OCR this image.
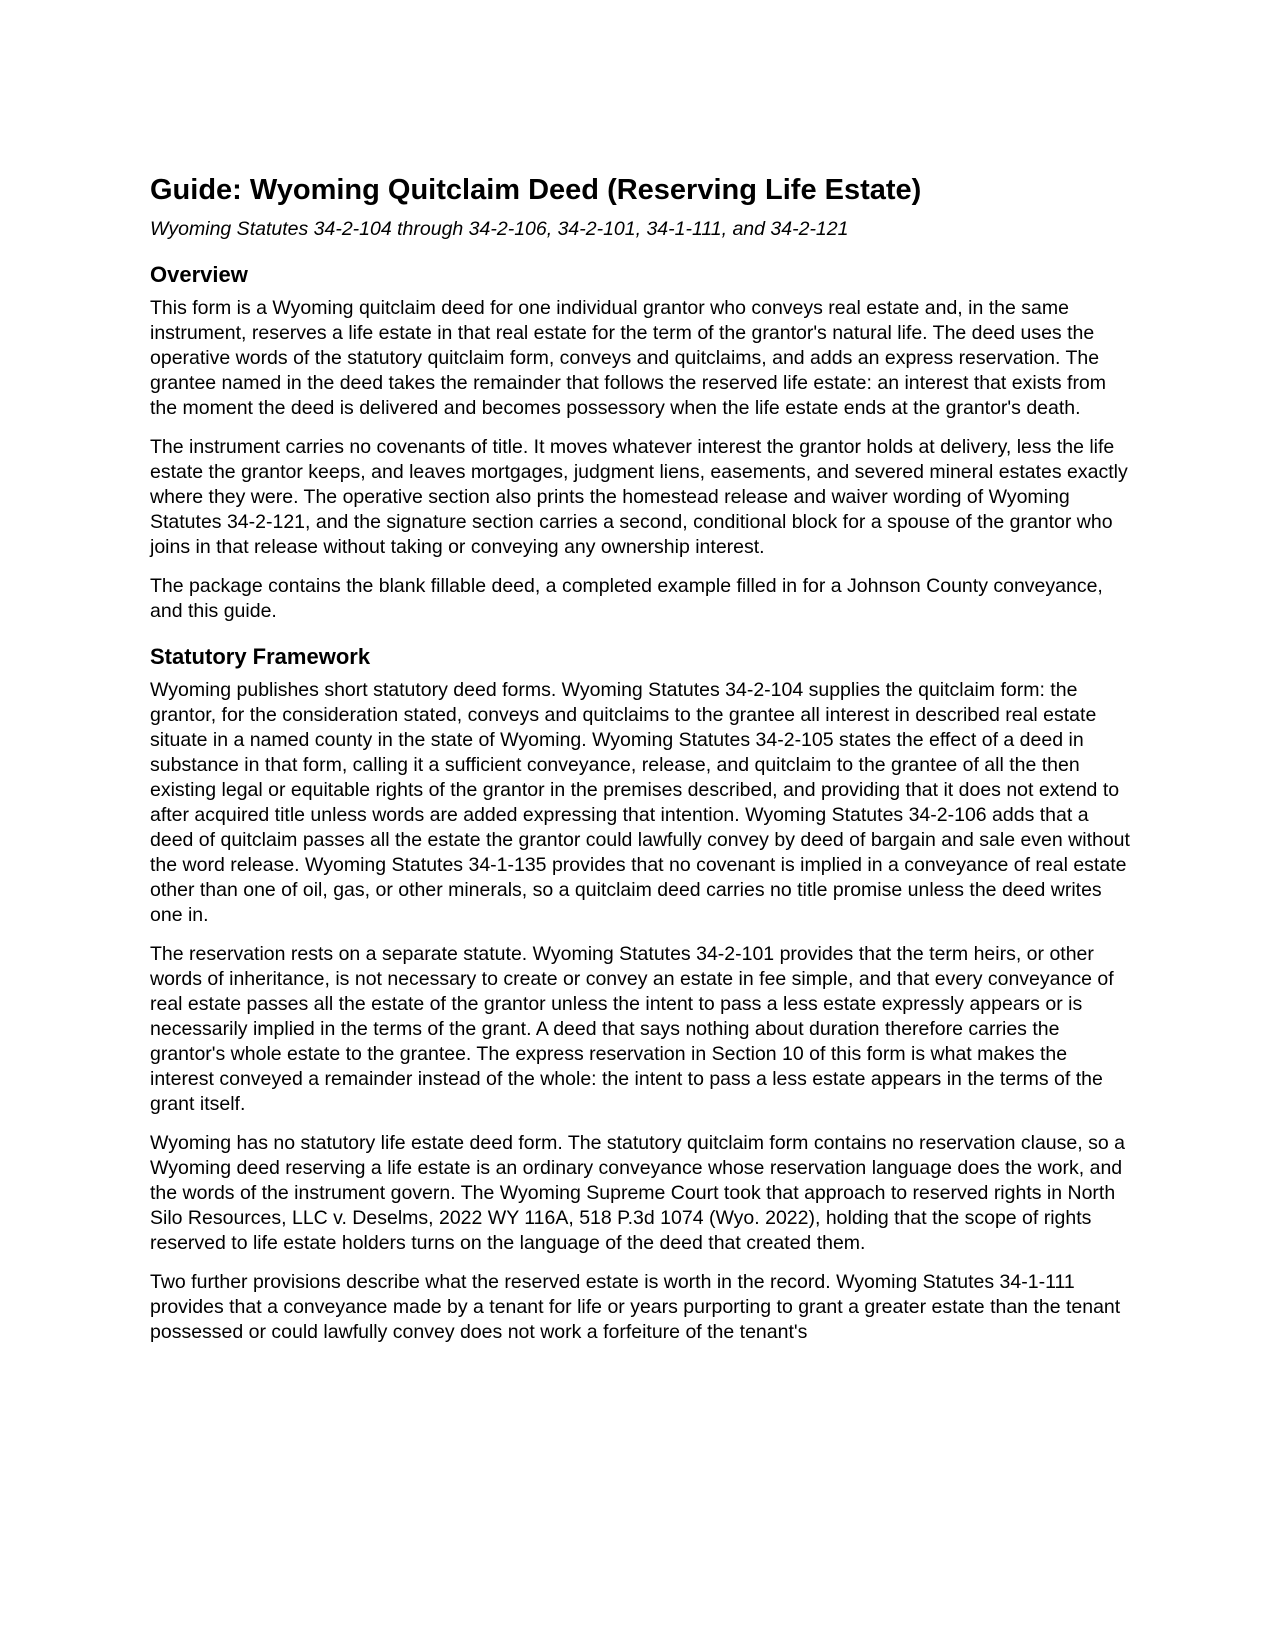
Guide: Wyoming Quitclaim Deed (Reserving Life Estate)

Wyoming Statutes 34-2-104 through 34-2-106, 34-2-101, 34-1-111, and 34-2-121

Overview

This form is a Wyoming quitclaim deed for one individual grantor who conveys real estate and, in the same instrument, reserves a life estate in that real estate for the term of the grantor's natural life. The deed uses the operative words of the statutory quitclaim form, conveys and quitclaims, and adds an express reservation. The grantee named in the deed takes the remainder that follows the reserved life estate: an interest that exists from the moment the deed is delivered and becomes possessory when the life estate ends at the grantor's death.

The instrument carries no covenants of title. It moves whatever interest the grantor holds at delivery, less the life estate the grantor keeps, and leaves mortgages, judgment liens, easements, and severed mineral estates exactly where they were. The operative section also prints the homestead release and waiver wording of Wyoming Statutes 34-2-121, and the signature section carries a second, conditional block for a spouse of the grantor who joins in that release without taking or conveying any ownership interest.

The package contains the blank fillable deed, a completed example filled in for a Johnson County conveyance, and this guide.

Statutory Framework

Wyoming publishes short statutory deed forms. Wyoming Statutes 34-2-104 supplies the quitclaim form: the grantor, for the consideration stated, conveys and quitclaims to the grantee all interest in described real estate situate in a named county in the state of Wyoming. Wyoming Statutes 34-2-105 states the effect of a deed in substance in that form, calling it a sufficient conveyance, release, and quitclaim to the grantee of all the then existing legal or equitable rights of the grantor in the premises described, and providing that it does not extend to after acquired title unless words are added expressing that intention. Wyoming Statutes 34-2-106 adds that a deed of quitclaim passes all the estate the grantor could lawfully convey by deed of bargain and sale even without the word release. Wyoming Statutes 34-1-135 provides that no covenant is implied in a conveyance of real estate other than one of oil, gas, or other minerals, so a quitclaim deed carries no title promise unless the deed writes one in.

The reservation rests on a separate statute. Wyoming Statutes 34-2-101 provides that the term heirs, or other words of inheritance, is not necessary to create or convey an estate in fee simple, and that every conveyance of real estate passes all the estate of the grantor unless the intent to pass a less estate expressly appears or is necessarily implied in the terms of the grant. A deed that says nothing about duration therefore carries the grantor's whole estate to the grantee. The express reservation in Section 10 of this form is what makes the interest conveyed a remainder instead of the whole: the intent to pass a less estate appears in the terms of the grant itself.

Wyoming has no statutory life estate deed form. The statutory quitclaim form contains no reservation clause, so a Wyoming deed reserving a life estate is an ordinary conveyance whose reservation language does the work, and the words of the instrument govern. The Wyoming Supreme Court took that approach to reserved rights in North Silo Resources, LLC v. Deselms, 2022 WY 116A, 518 P.3d 1074 (Wyo. 2022), holding that the scope of rights reserved to life estate holders turns on the language of the deed that created them.

Two further provisions describe what the reserved estate is worth in the record. Wyoming Statutes 34-1-111 provides that a conveyance made by a tenant for life or years purporting to grant a greater estate than the tenant possessed or could lawfully convey does not work a forfeiture of the tenant's
